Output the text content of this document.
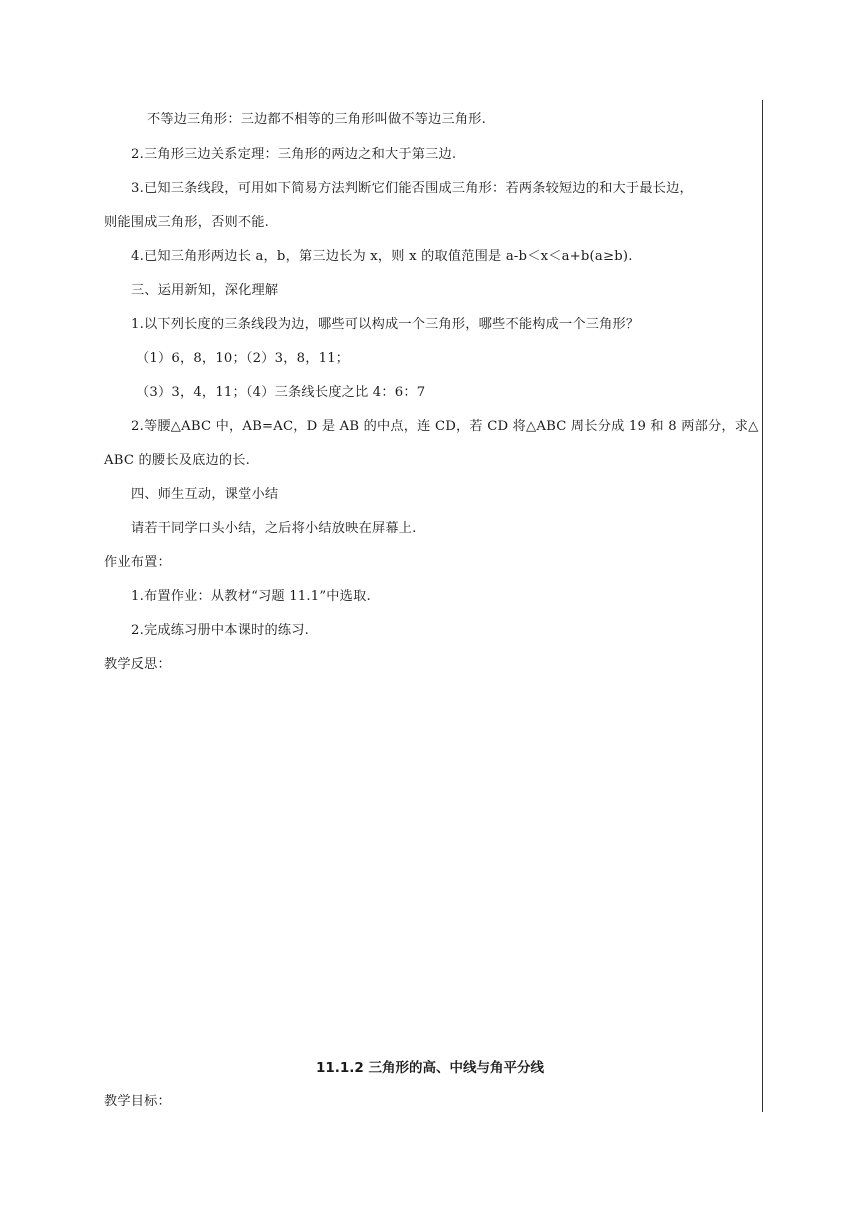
不等边三角形：三边都不相等的三角形叫做不等边三角形.
2.三角形三边关系定理：三角形的两边之和大于第三边.
3.已知三条线段，可用如下简易方法判断它们能否围成三角形：若两条较短边的和大于最长边，
则能围成三角形，否则不能.
4.已知三角形两边长 a，b，第三边长为 x，则 x 的取值范围是 a-b＜x＜a+b(a≥b).
三、运用新知，深化理解
1.以下列长度的三条线段为边，哪些可以构成一个三角形，哪些不能构成一个三角形？
（1）6，8，10；（2）3，8，11；
（3）3，4，11；（4）三条线长度之比 4：6：7
2.等腰△ABC 中，AB=AC，D 是 AB 的中点，连 CD，若 CD 将△ABC 周长分成 19 和 8 两部分，求△
ABC 的腰长及底边的长.
四、师生互动，课堂小结
请若干同学口头小结，之后将小结放映在屏幕上.
作业布置：
1.布置作业：从教材“习题 11.1”中选取.
2.完成练习册中本课时的练习.
教学反思：
11.1.2 三角形的高、中线与角平分线
教学目标：
